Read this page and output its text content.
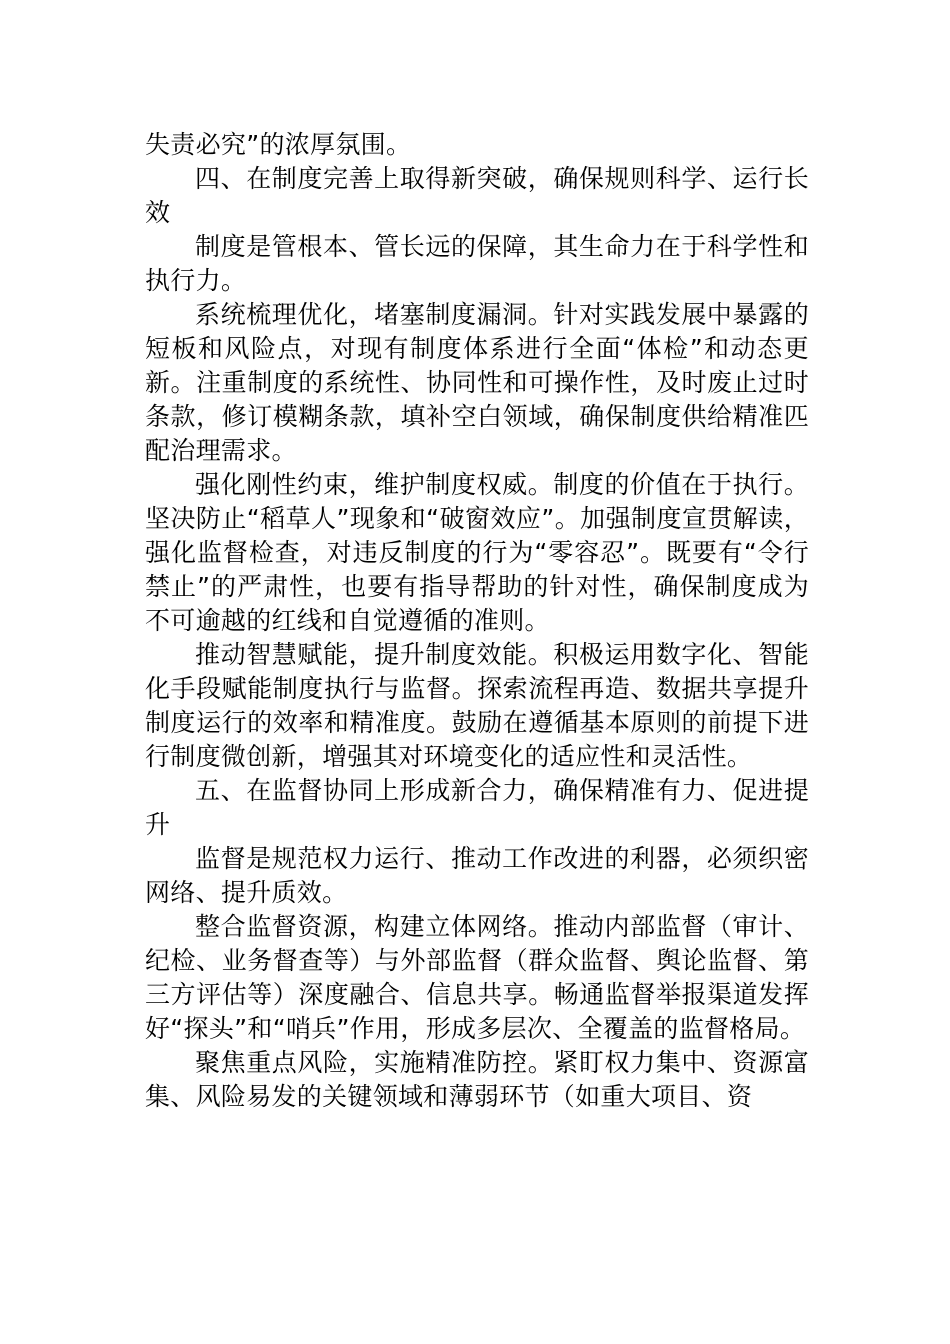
失责必究”的浓厚氛围。

四、在制度完善上取得新突破，确保规则科学、运行长效

制度是管根本、管长远的保障，其生命力在于科学性和执行力。

系统梳理优化，堵塞制度漏洞。针对实践发展中暴露的短板和风险点，对现有制度体系进行全面“体检”和动态更新。注重制度的系统性、协同性和可操作性，及时废止过时条款，修订模糊条款，填补空白领域，确保制度供给精准匹配治理需求。

强化刚性约束，维护制度权威。制度的价值在于执行。坚决防止“稻草人”现象和“破窗效应”。加强制度宣贯解读，强化监督检查，对违反制度的行为“零容忍”。既要有“令行禁止”的严肃性，也要有指导帮助的针对性，确保制度成为不可逾越的红线和自觉遵循的准则。

推动智慧赋能，提升制度效能。积极运用数字化、智能化手段赋能制度执行与监督。探索流程再造、数据共享提升制度运行的效率和精准度。鼓励在遵循基本原则的前提下进行制度微创新，增强其对环境变化的适应性和灵活性。

五、在监督协同上形成新合力，确保精准有力、促进提升

监督是规范权力运行、推动工作改进的利器，必须织密网络、提升质效。

整合监督资源，构建立体网络。推动内部监督（审计、纪检、业务督查等）与外部监督（群众监督、舆论监督、第三方评估等）深度融合、信息共享。畅通监督举报渠道发挥好“探头”和“哨兵”作用，形成多层次、全覆盖的监督格局。

聚焦重点风险，实施精准防控。紧盯权力集中、资源富集、风险易发的关键领域和薄弱环节（如重大项目、资
